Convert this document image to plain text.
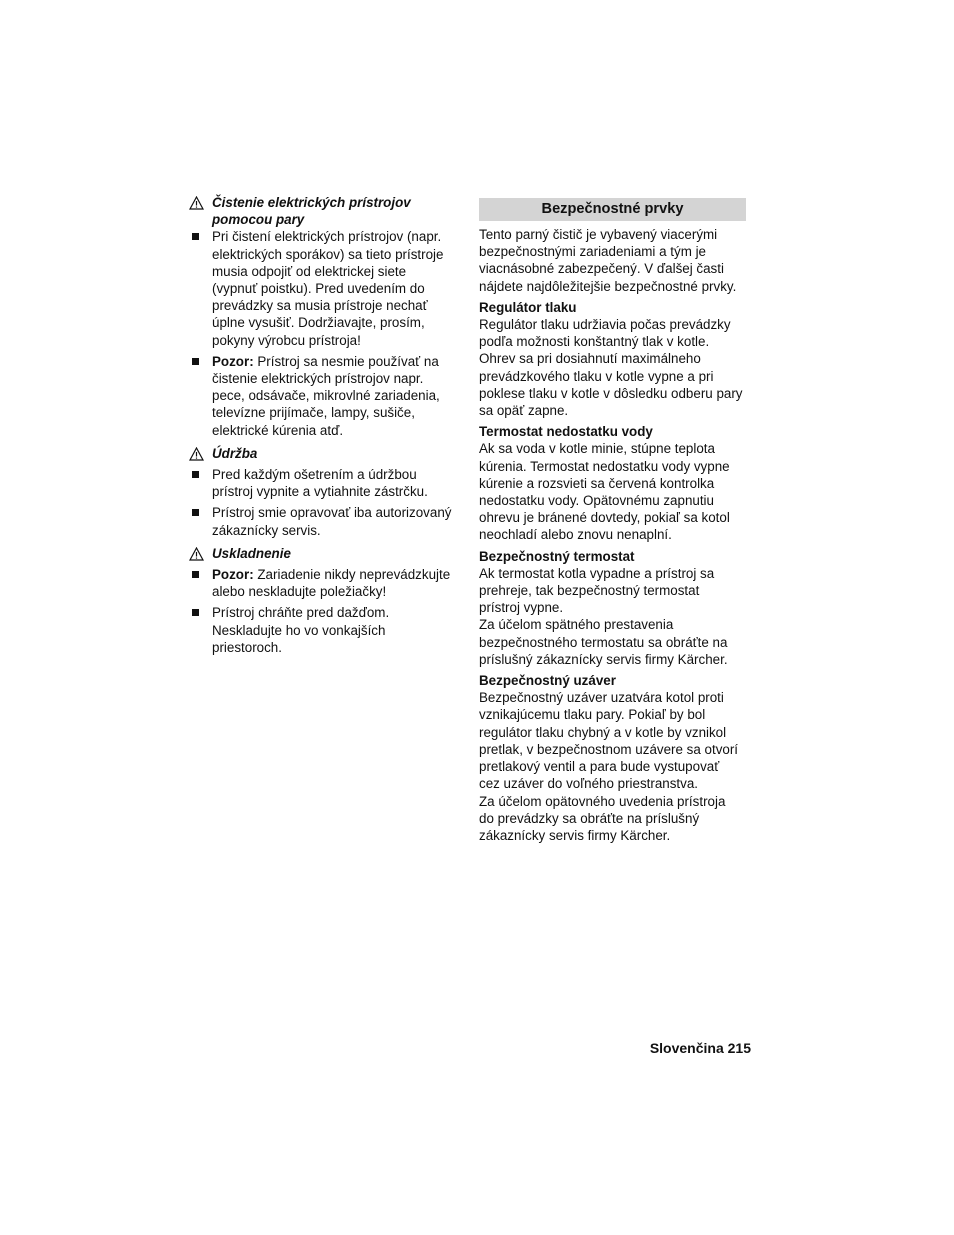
Čistenie elektrických prístrojov
pomocou pary
Pri čistení elektrických prístrojov (napr.
elektrických sporákov) sa tieto prístroje
musia odpojiť od elektrickej siete
(vypnuť poistku). Pred uvedením do
prevádzky sa musia prístroje nechať
úplne vysušiť. Dodržiavajte, prosím,
pokyny výrobcu prístroja!
Pozor: Prístroj sa nesmie používať na
čistenie elektrických prístrojov napr.
pece, odsávače, mikrovlné zariadenia,
televízne prijímače, lampy, sušiče,
elektrické kúrenia atď.
Údržba
Pred každým ošetrením a údržbou
prístroj vypnite a vytiahnite zástrčku.
Prístroj smie opravovať iba autorizovaný
zákaznícky servis.
Uskladnenie
Pozor: Zariadenie nikdy neprevádzkujte
alebo neskladujte poležiačky!
Prístroj chráňte pred dažďom.
Neskladujte ho vo vonkajších
priestoroch.
Bezpečnostné prvky
Tento parný čistič je vybavený viacerými
bezpečnostnými zariadeniami a tým je
viacnásobné zabezpečený. V ďalšej časti
nájdete najdôležitejšie bezpečnostné prvky.
Regulátor tlaku
Regulátor tlaku udržiavia počas prevádzky
podľa možnosti konštantný tlak v kotle.
Ohrev sa pri dosiahnutí maximálneho
prevádzkového tlaku v kotle vypne a pri
poklese tlaku v kotle v dôsledku odberu pary
sa opäť zapne.
Termostat nedostatku vody
Ak sa voda v kotle minie, stúpne teplota
kúrenia. Termostat nedostatku vody vypne
kúrenie a rozsvieti sa červená kontrolka
nedostatku vody. Opätovnému zapnutiu
ohrevu je bránené dovtedy, pokiaľ sa kotol
neochladí alebo znovu nenaplní.
Bezpečnostný termostat
Ak termostat kotla vypadne a prístroj sa
prehreje, tak bezpečnostný termostat
prístroj vypne.
Za účelom spätného prestavenia
bezpečnostného termostatu sa obráťte na
príslušný zákaznícky servis firmy Kärcher.
Bezpečnostný uzáver
Bezpečnostný uzáver uzatvára kotol proti
vznikajúcemu tlaku pary. Pokiaľ by bol
regulátor tlaku chybný a v kotle by vznikol
pretlak, v bezpečnostnom uzávere sa otvorí
pretlakový ventil a para bude vystupovať
cez uzáver do voľného priestranstva.
Za účelom opätovného uvedenia prístroja
do prevádzky sa obráťte na príslušný
zákaznícky servis firmy Kärcher.
Slovenčina 215
